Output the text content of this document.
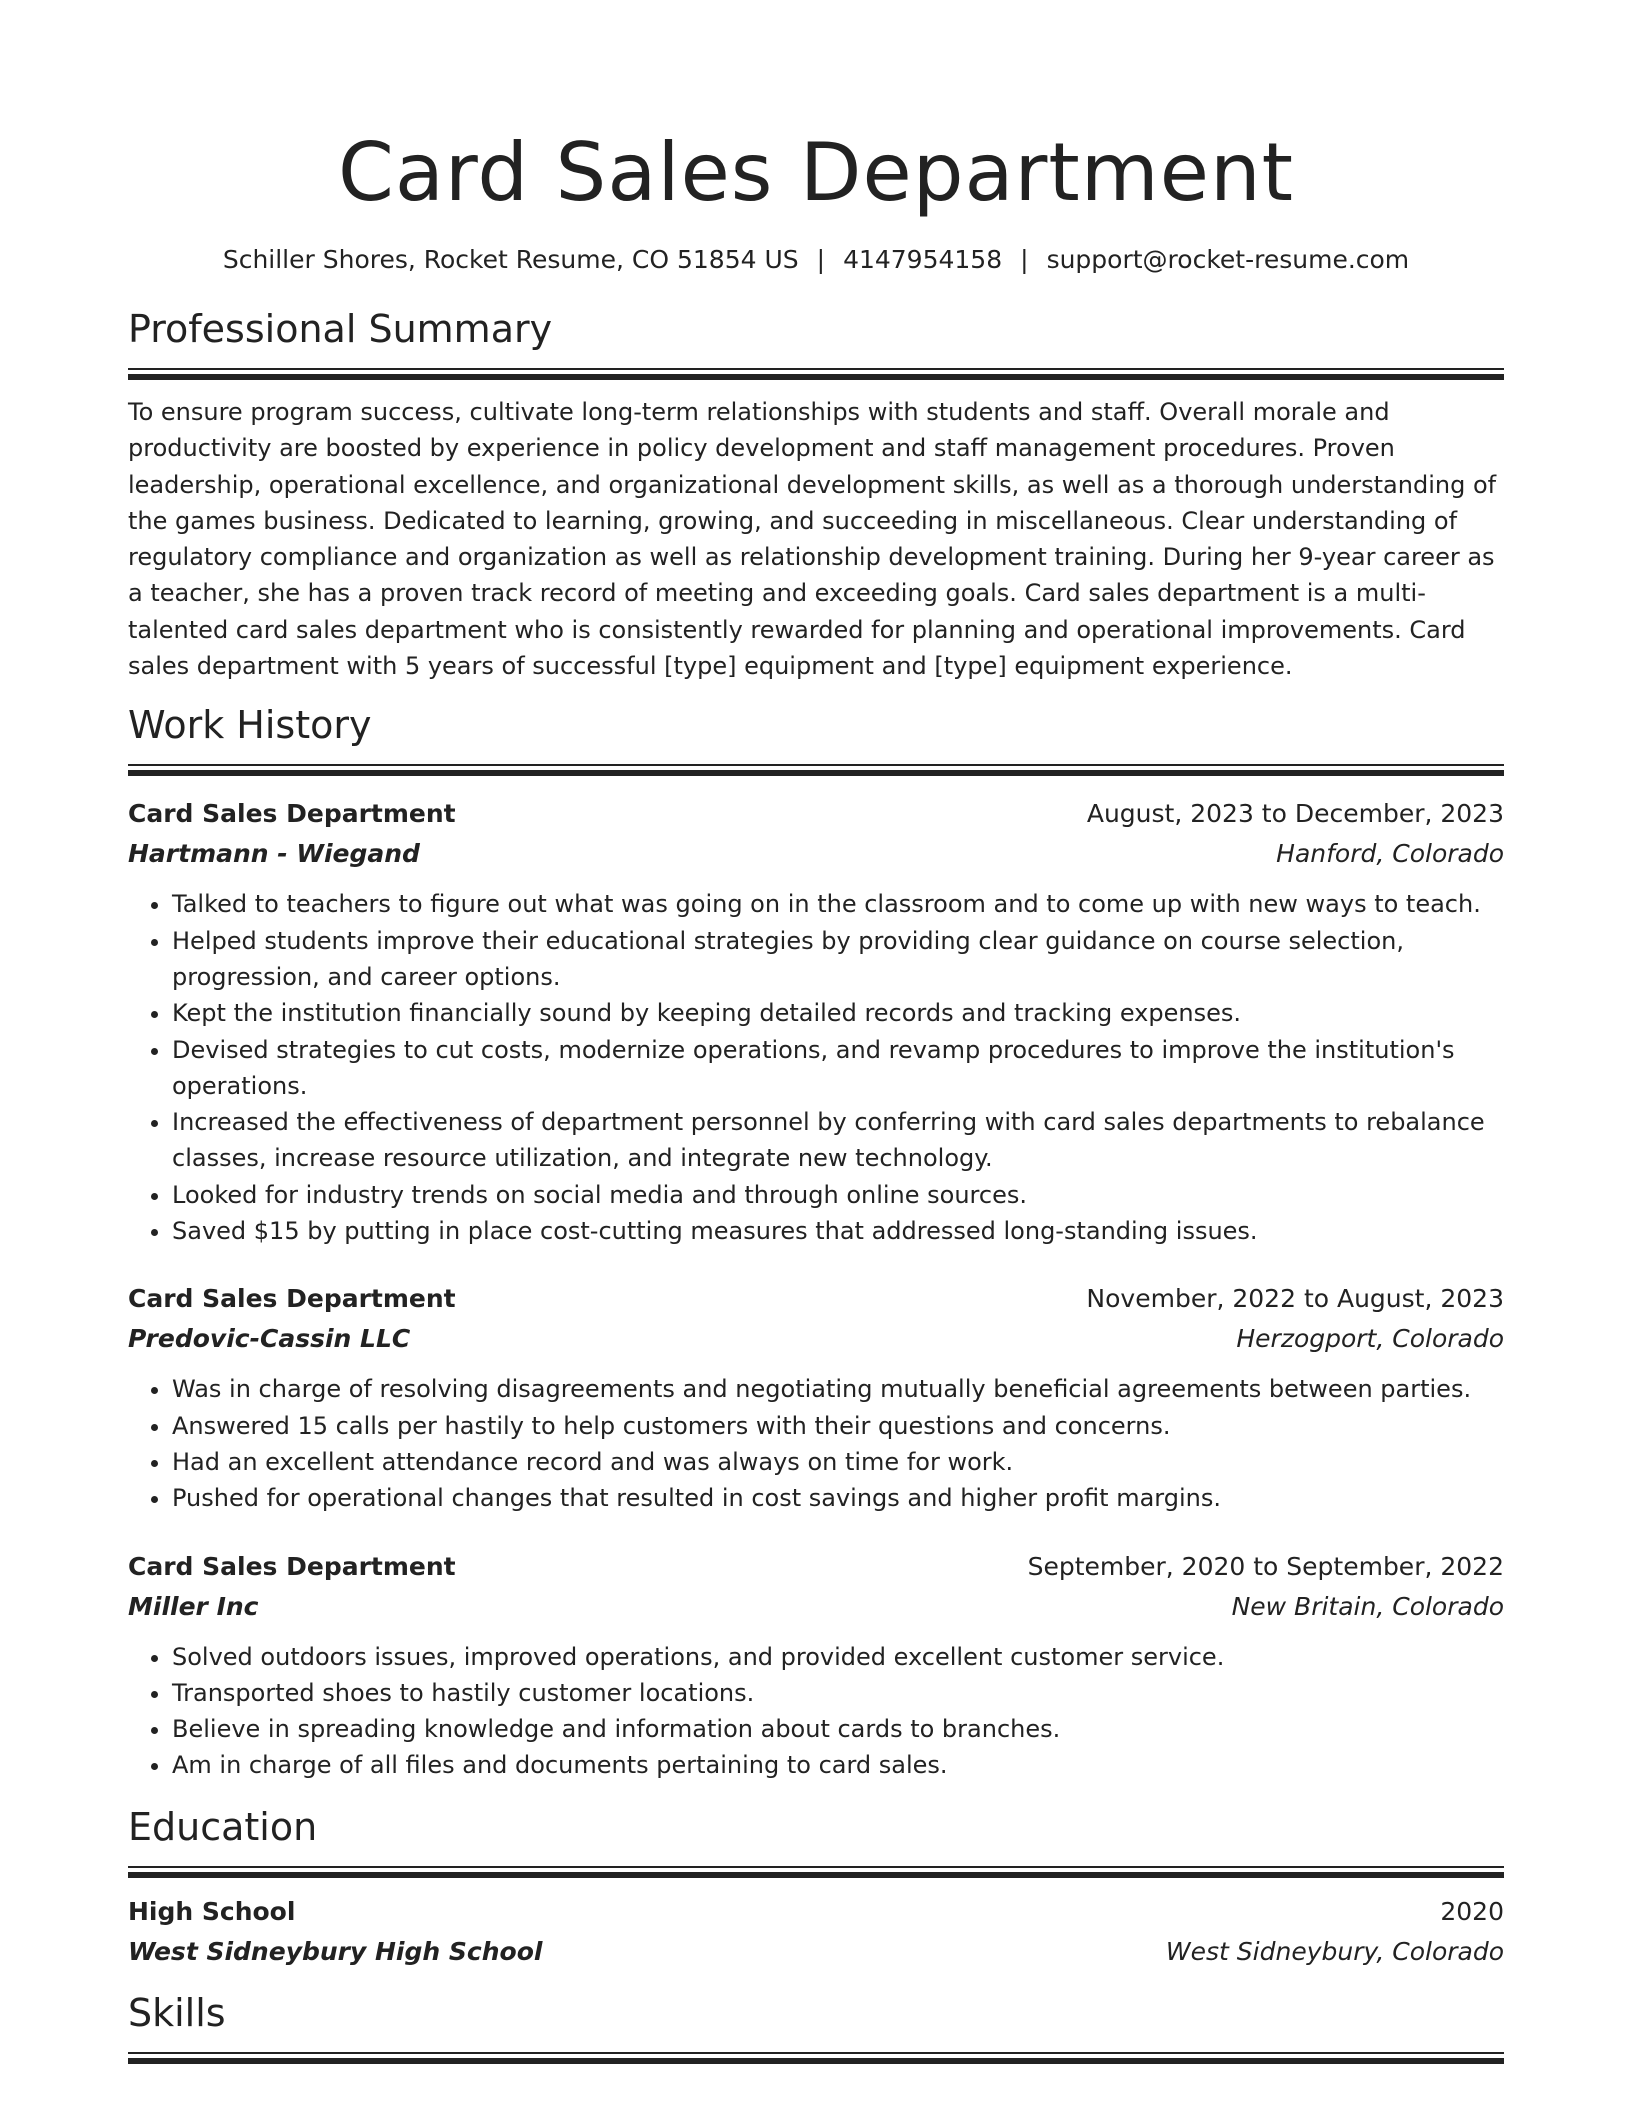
Card Sales Department
Schiller Shores, Rocket Resume, CO 51854 US | 4147954158 | support@rocket-resume.com
Professional Summary
To ensure program success, cultivate long-term relationships with students and staff. Overall morale and productivity are boosted by experience in policy development and staff management procedures. Proven leadership, operational excellence, and organizational development skills, as well as a thorough understanding of the games business. Dedicated to learning, growing, and succeeding in miscellaneous. Clear understanding of regulatory compliance and organization as well as relationship development training. During her 9-year career as a teacher, she has a proven track record of meeting and exceeding goals. Card sales department is a multi-talented card sales department who is consistently rewarded for planning and operational improvements. Card sales department with 5 years of successful [type] equipment and [type] equipment experience.
Work History
Card Sales Department	August, 2023 to December, 2023
Hartmann - Wiegand	Hanford, Colorado
• Talked to teachers to figure out what was going on in the classroom and to come up with new ways to teach.
• Helped students improve their educational strategies by providing clear guidance on course selection, progression, and career options.
• Kept the institution financially sound by keeping detailed records and tracking expenses.
• Devised strategies to cut costs, modernize operations, and revamp procedures to improve the institution's operations.
• Increased the effectiveness of department personnel by conferring with card sales departments to rebalance classes, increase resource utilization, and integrate new technology.
• Looked for industry trends on social media and through online sources.
• Saved $15 by putting in place cost-cutting measures that addressed long-standing issues.
Card Sales Department	November, 2022 to August, 2023
Predovic-Cassin LLC	Herzogport, Colorado
• Was in charge of resolving disagreements and negotiating mutually beneficial agreements between parties.
• Answered 15 calls per hastily to help customers with their questions and concerns.
• Had an excellent attendance record and was always on time for work.
• Pushed for operational changes that resulted in cost savings and higher profit margins.
Card Sales Department	September, 2020 to September, 2022
Miller Inc	New Britain, Colorado
• Solved outdoors issues, improved operations, and provided excellent customer service.
• Transported shoes to hastily customer locations.
• Believe in spreading knowledge and information about cards to branches.
• Am in charge of all files and documents pertaining to card sales.
Education
High School	2020
West Sidneybury High School	West Sidneybury, Colorado
Skills
